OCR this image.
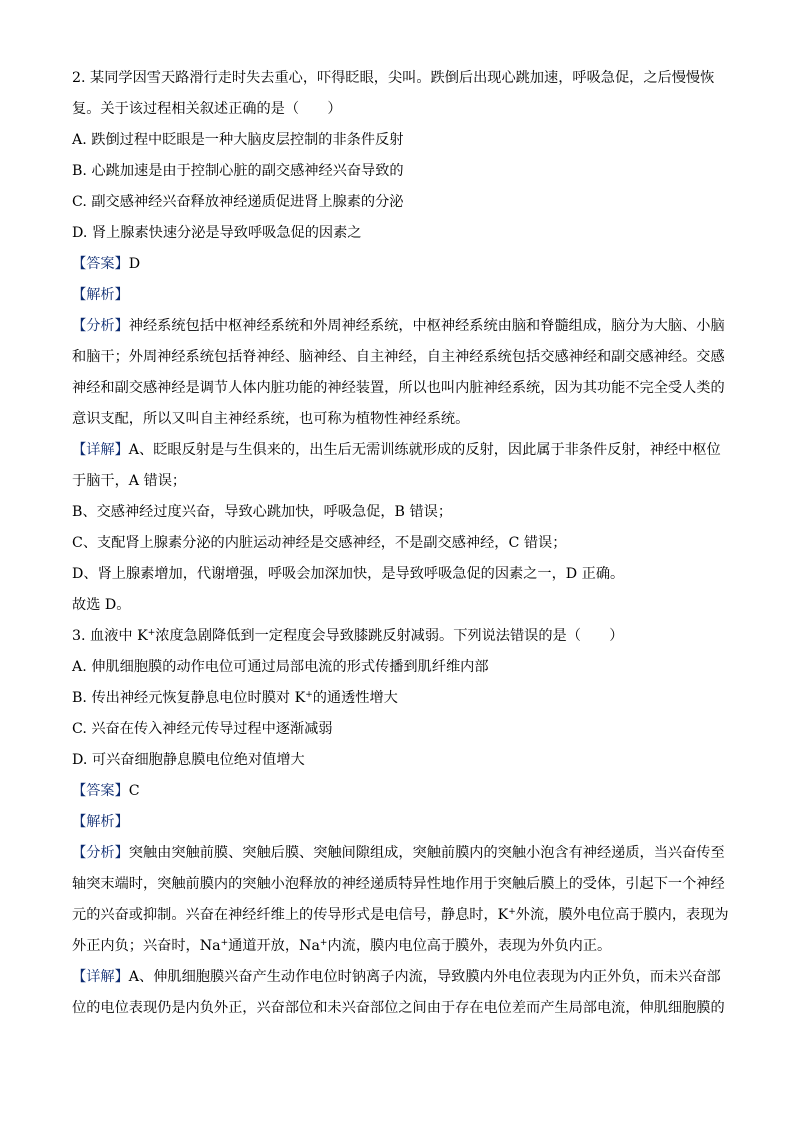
2. 某同学因雪天路滑行走时失去重心，吓得眨眼，尖叫。跌倒后出现心跳加速，呼吸急促，之后慢慢恢
复。关于该过程相关叙述正确的是（　　）
A. 跌倒过程中眨眼是一种大脑皮层控制的非条件反射
B. 心跳加速是由于控制心脏的副交感神经兴奋导致的
C. 副交感神经兴奋释放神经递质促进肾上腺素的分泌
D. 肾上腺素快速分泌是导致呼吸急促的因素之
【答案】D
【解析】
【分析】神经系统包括中枢神经系统和外周神经系统，中枢神经系统由脑和脊髓组成，脑分为大脑、小脑
和脑干；外周神经系统包括脊神经、脑神经、自主神经，自主神经系统包括交感神经和副交感神经。交感
神经和副交感神经是调节人体内脏功能的神经装置，所以也叫内脏神经系统，因为其功能不完全受人类的
意识支配，所以又叫自主神经系统，也可称为植物性神经系统。
【详解】A、眨眼反射是与生俱来的，出生后无需训练就形成的反射，因此属于非条件反射，神经中枢位
于脑干，A 错误；
B、交感神经过度兴奋，导致心跳加快，呼吸急促，B 错误；
C、支配肾上腺素分泌的内脏运动神经是交感神经，不是副交感神经，C 错误；
D、肾上腺素增加，代谢增强，呼吸会加深加快，是导致呼吸急促的因素之一，D 正确。
故选 D。
3. 血液中 K+浓度急剧降低到一定程度会导致膝跳反射减弱。下列说法错误的是（　　）
A. 伸肌细胞膜的动作电位可通过局部电流的形式传播到肌纤维内部
B. 传出神经元恢复静息电位时膜对 K+的通透性增大
C. 兴奋在传入神经元传导过程中逐渐减弱
D. 可兴奋细胞静息膜电位绝对值增大
【答案】C
【解析】
【分析】突触由突触前膜、突触后膜、突触间隙组成，突触前膜内的突触小泡含有神经递质，当兴奋传至
轴突末端时，突触前膜内的突触小泡释放的神经递质特异性地作用于突触后膜上的受体，引起下一个神经
元的兴奋或抑制。兴奋在神经纤维上的传导形式是电信号，静息时，K+外流，膜外电位高于膜内，表现为
外正内负；兴奋时，Na+通道开放，Na+内流，膜内电位高于膜外，表现为外负内正。
【详解】A、伸肌细胞膜兴奋产生动作电位时钠离子内流，导致膜内外电位表现为内正外负，而未兴奋部
位的电位表现仍是内负外正，兴奋部位和未兴奋部位之间由于存在电位差而产生局部电流，伸肌细胞膜的
